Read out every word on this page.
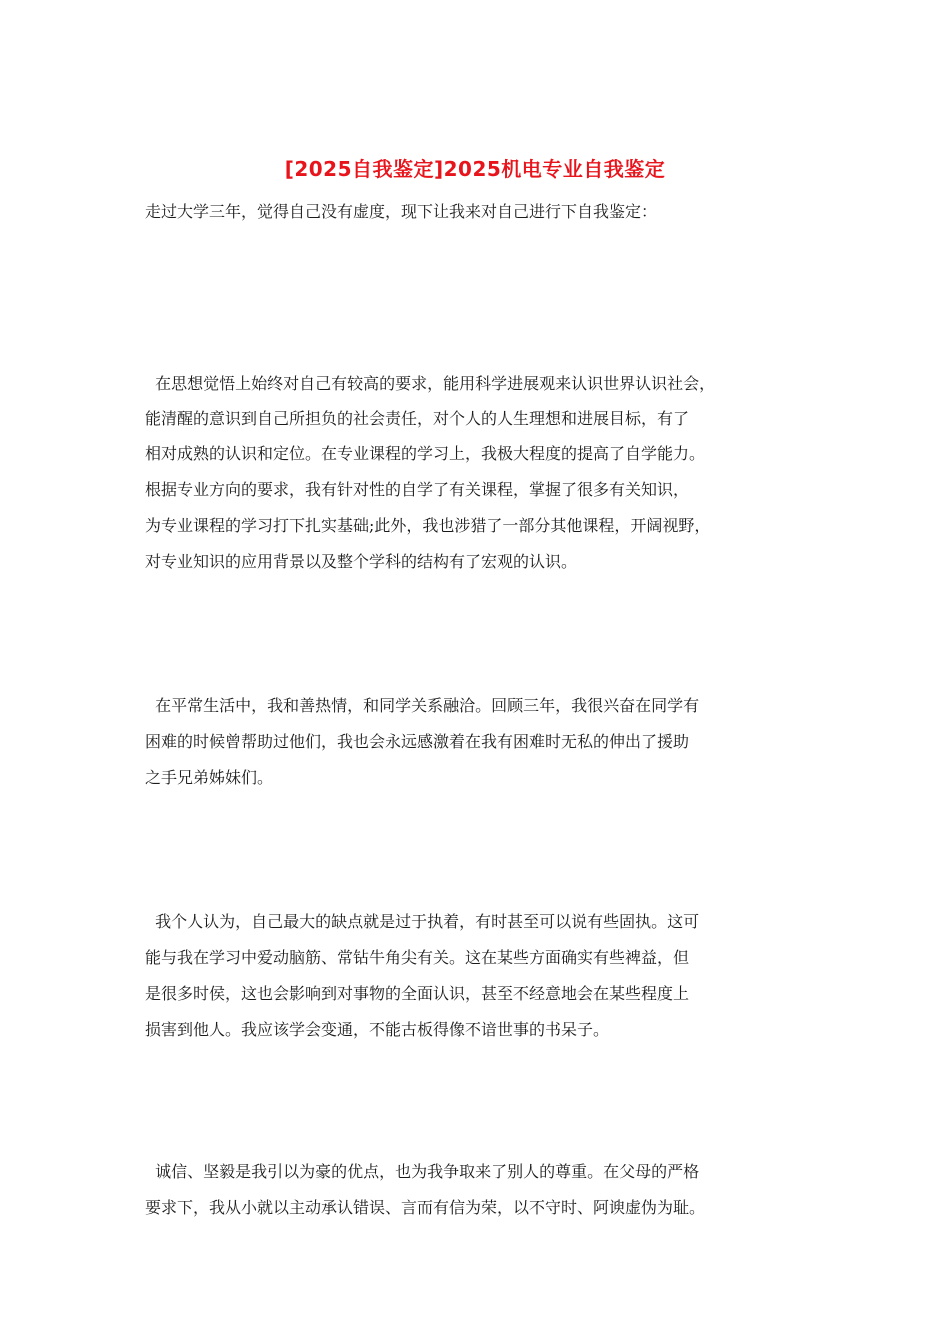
[2025自我鉴定]2025机电专业自我鉴定

走过大学三年，觉得自己没有虚度，现下让我来对自己进行下自我鉴定：

在思想觉悟上始终对自己有较高的要求，能用科学进展观来认识世界认识社会，

能清醒的意识到自己所担负的社会责任，对个人的人生理想和进展目标，有了

相对成熟的认识和定位。在专业课程的学习上，我极大程度的提高了自学能力。

根据专业方向的要求，我有针对性的自学了有关课程，掌握了很多有关知识，

为专业课程的学习打下扎实基础;此外，我也涉猎了一部分其他课程，开阔视野，

对专业知识的应用背景以及整个学科的结构有了宏观的认识。

在平常生活中，我和善热情，和同学关系融洽。回顾三年，我很兴奋在同学有

困难的时候曾帮助过他们，我也会永远感激着在我有困难时无私的伸出了援助

之手兄弟姊妹们。

我个人认为，自己最大的缺点就是过于执着，有时甚至可以说有些固执。这可

能与我在学习中爱动脑筋、常钻牛角尖有关。这在某些方面确实有些裨益，但

是很多时侯，这也会影响到对事物的全面认识，甚至不经意地会在某些程度上

损害到他人。我应该学会变通，不能古板得像不谙世事的书呆子。

诚信、坚毅是我引以为豪的优点，也为我争取来了别人的尊重。在父母的严格

要求下，我从小就以主动承认错误、言而有信为荣，以不守时、阿谀虚伪为耻。
